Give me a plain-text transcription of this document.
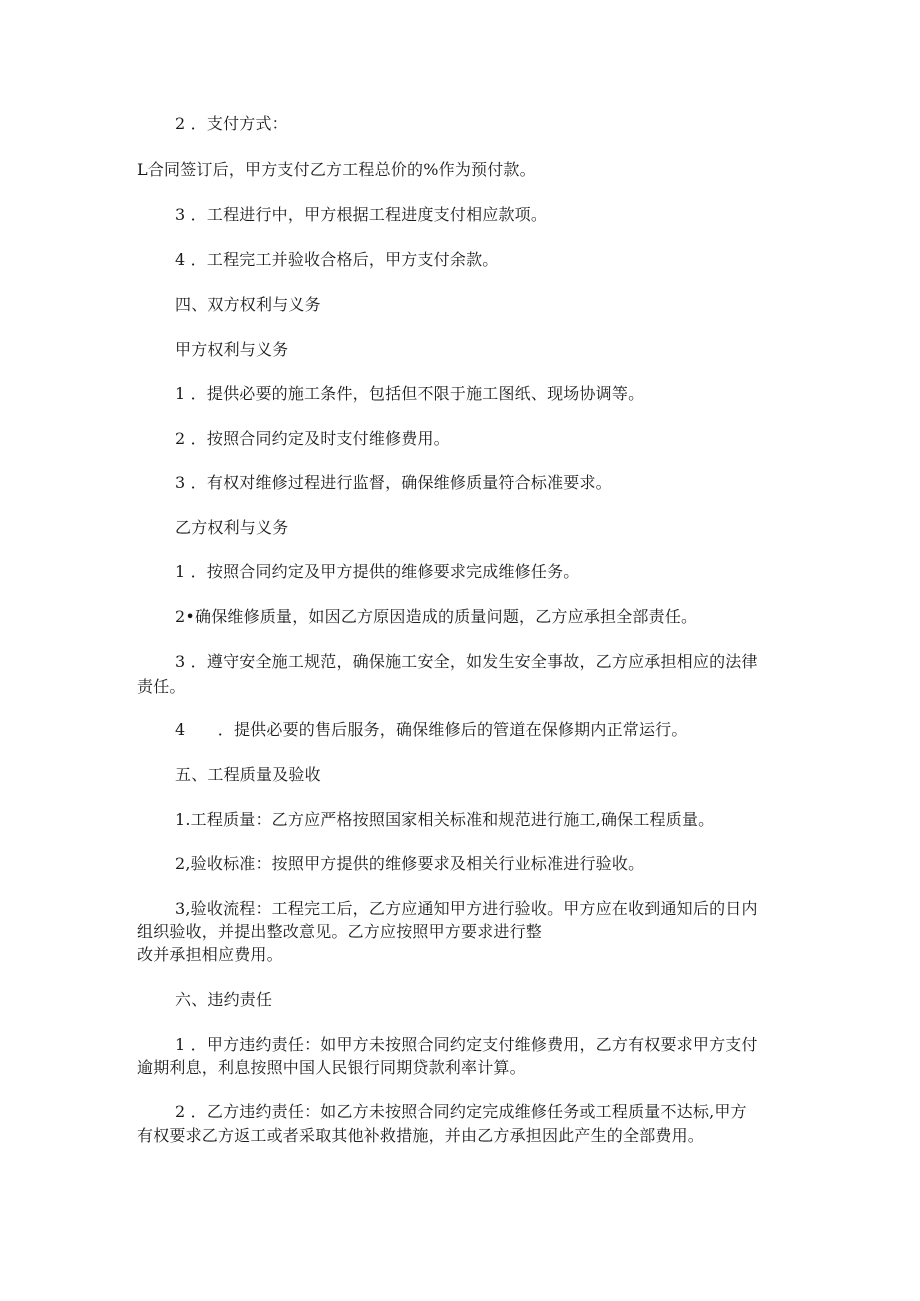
2 ．支付方式：
L合同签订后，甲方支付乙方工程总价的%作为预付款。
3 ．工程进行中，甲方根据工程进度支付相应款项。
4 ．工程完工并验收合格后，甲方支付余款。
四、双方权利与义务
甲方权利与义务
1 ．提供必要的施工条件，包括但不限于施工图纸、现场协调等。
2 ．按照合同约定及时支付维修费用。
3 ．有权对维修过程进行监督，确保维修质量符合标准要求。
乙方权利与义务
1 ．按照合同约定及甲方提供的维修要求完成维修任务。
2•确保维修质量，如因乙方原因造成的质量问题，乙方应承担全部责任。
3 ．遵守安全施工规范，确保施工安全，如发生安全事故，乙方应承担相应的法律
责任。
4　　．提供必要的售后服务，确保维修后的管道在保修期内正常运行。
五、工程质量及验收
1.工程质量：乙方应严格按照国家相关标准和规范进行施工,确保工程质量。
2,验收标准：按照甲方提供的维修要求及相关行业标准进行验收。
3,验收流程：工程完工后，乙方应通知甲方进行验收。甲方应在收到通知后的日内
组织验收，并提出整改意见。乙方应按照甲方要求进行整
改并承担相应费用。
六、违约责任
1 ．甲方违约责任：如甲方未按照合同约定支付维修费用，乙方有权要求甲方支付
逾期利息，利息按照中国人民银行同期贷款利率计算。
2 ．乙方违约责任：如乙方未按照合同约定完成维修任务或工程质量不达标,甲方
有权要求乙方返工或者采取其他补救措施，并由乙方承担因此产生的全部费用。
